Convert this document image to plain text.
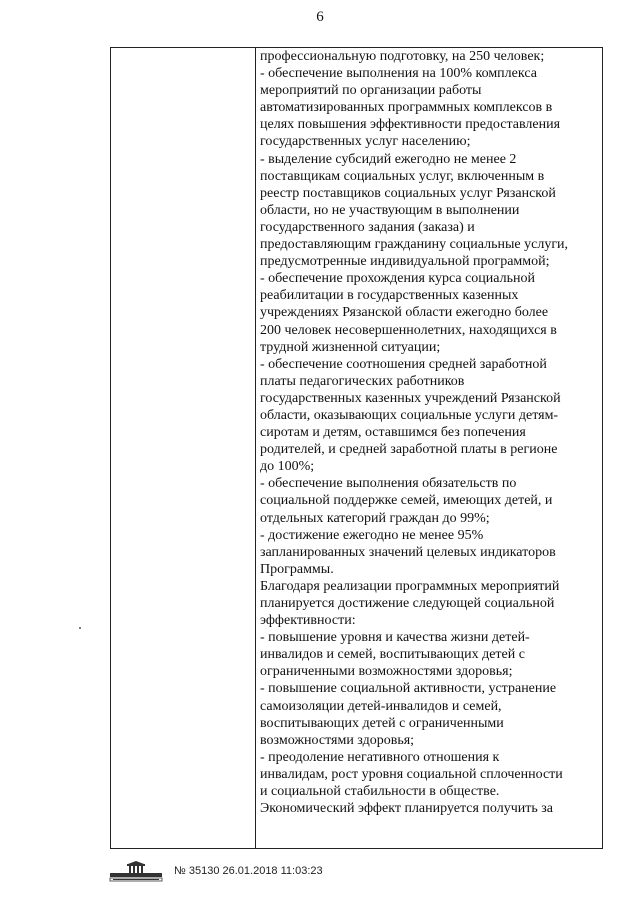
6
профессиональную подготовку, на 250 человек;
- обеспечение выполнения на 100% комплекса
мероприятий по организации работы
автоматизированных программных комплексов в
целях повышения эффективности предоставления
государственных услуг населению;
- выделение субсидий ежегодно не менее 2
поставщикам социальных услуг, включенным в
реестр поставщиков социальных услуг Рязанской
области, но не участвующим в выполнении
государственного задания (заказа) и
предоставляющим гражданину социальные услуги,
предусмотренные индивидуальной программой;
- обеспечение прохождения курса социальной
реабилитации в государственных казенных
учреждениях Рязанской области ежегодно более
200 человек несовершеннолетних, находящихся в
трудной жизненной ситуации;
- обеспечение соотношения средней заработной
платы педагогических работников
государственных казенных учреждений Рязанской
области, оказывающих социальные услуги детям-
сиротам и детям, оставшимся без попечения
родителей, и средней заработной платы в регионе
до 100%;
- обеспечение выполнения обязательств по
социальной поддержке семей, имеющих детей, и
отдельных категорий граждан до 99%;
- достижение ежегодно не менее 95%
запланированных значений целевых индикаторов
Программы.
Благодаря реализации программных мероприятий
планируется достижение следующей социальной
эффективности:
- повышение уровня и качества жизни детей-
инвалидов и семей, воспитывающих детей с
ограниченными возможностями здоровья;
- повышение социальной активности, устранение
самоизоляции детей-инвалидов и семей,
воспитывающих детей с ограниченными
возможностями здоровья;
- преодоление негативного отношения к
инвалидам, рост уровня социальной сплоченности
и социальной стабильности в обществе.
Экономический эффект планируется получить за
№ 35130 26.01.2018 11:03:23
